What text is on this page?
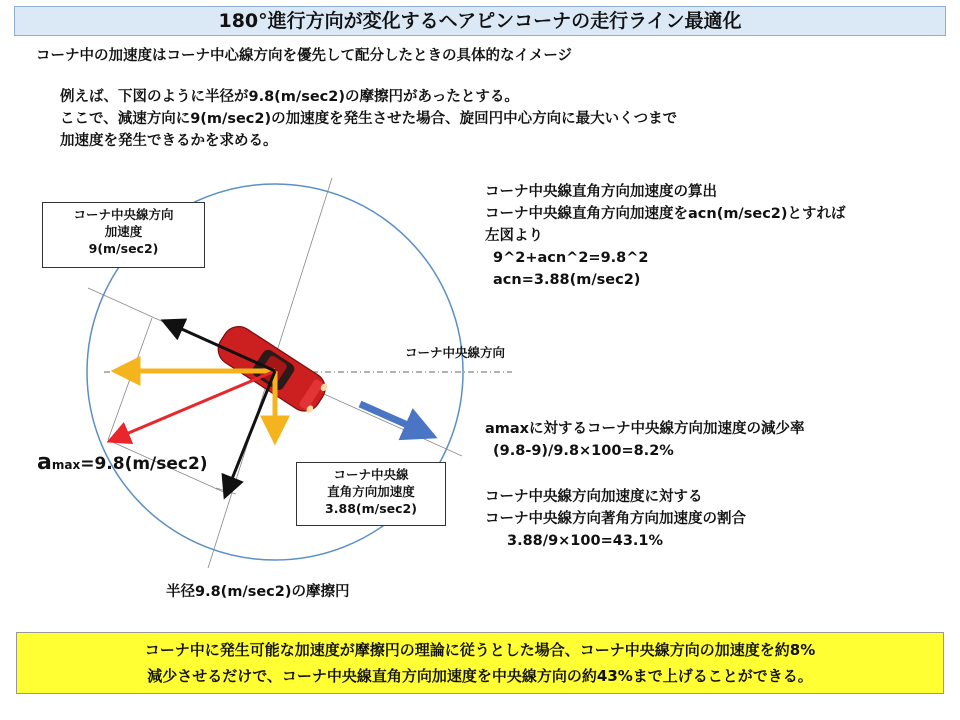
180°進行方向が変化するヘアピンコーナの走行ライン最適化
コーナ中の加速度はコーナ中心線方向を優先して配分したときの具体的なイメージ
例えば、下図のように半径が9.8(m/sec2)の摩擦円があったとする。
ここで、減速方向に9(m/sec2)の加速度を発生させた場合、旋回円中心方向に最大いくつまで
加速度を発生できるかを求める。
コーナ中央線方向
加速度
9(m/sec2)
コーナ中央線
直角方向加速度
3.88(m/sec2)
コーナ中央線方向
amax=9.8(m/sec2)
半径9.8(m/sec2)の摩擦円
コーナ中央線直角方向加速度の算出
コーナ中央線直角方向加速度をacn(m/sec2)とすれば
左図より
9^2+acn^2=9.8^2
acn=3.88(m/sec2)
amaxに対するコーナ中央線方向加速度の減少率
(9.8-9)/9.8×100=8.2%
コーナ中央線方向加速度に対する
コーナ中央線方向著角方向加速度の割合
3.88/9×100=43.1%
コーナ中に発生可能な加速度が摩擦円の理論に従うとした場合、コーナ中央線方向の加速度を約8%
減少させるだけで、コーナ中央線直角方向加速度を中央線方向の約43%まで上げることができる。
